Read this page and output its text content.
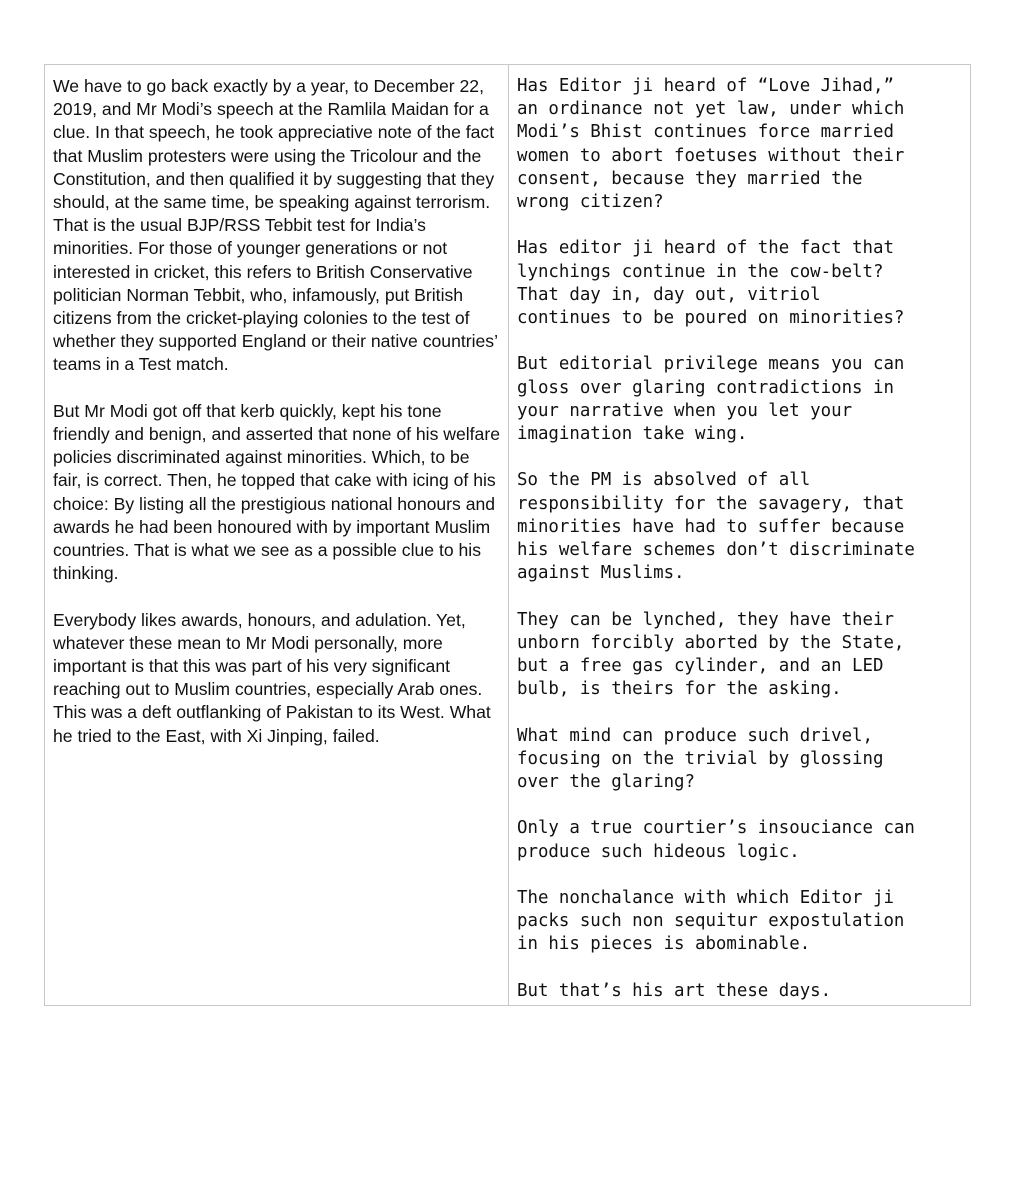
We have to go back exactly by a year, to December 22, 2019, and Mr Modi’s speech at the Ramlila Maidan for a clue. In that speech, he took appreciative note of the fact that Muslim protesters were using the Tricolour and the Constitution, and then qualified it by suggesting that they should, at the same time, be speaking against terrorism. That is the usual BJP/RSS Tebbit test for India’s minorities. For those of younger generations or not interested in cricket, this refers to British Conservative politician Norman Tebbit, who, infamously, put British citizens from the cricket-playing colonies to the test of whether they supported England or their native countries’ teams in a Test match.

But Mr Modi got off that kerb quickly, kept his tone friendly and benign, and asserted that none of his welfare policies discriminated against minorities. Which, to be fair, is correct. Then, he topped that cake with icing of his choice: By listing all the prestigious national honours and awards he had been honoured with by important Muslim countries. That is what we see as a possible clue to his thinking.

Everybody likes awards, honours, and adulation. Yet, whatever these mean to Mr Modi personally, more important is that this was part of his very significant reaching out to Muslim countries, especially Arab ones. This was a deft outflanking of Pakistan to its West. What he tried to the East, with Xi Jinping, failed.

Has Editor ji heard of “Love Jihad,”
an ordinance not yet law, under which
Modi’s Bhist continues force married
women to abort foetuses without their
consent, because they married the
wrong citizen?

Has editor ji heard of the fact that
lynchings continue in the cow-belt?
That day in, day out, vitriol
continues to be poured on minorities?

But editorial privilege means you can
gloss over glaring contradictions in
your narrative when you let your
imagination take wing.

So the PM is absolved of all
responsibility for the savagery, that
minorities have had to suffer because
his welfare schemes don’t discriminate
against Muslims.

They can be lynched, they have their
unborn forcibly aborted by the State,
but a free gas cylinder, and an LED
bulb, is theirs for the asking.

What mind can produce such drivel,
focusing on the trivial by glossing
over the glaring?

Only a true courtier’s insouciance can
produce such hideous logic.

The nonchalance with which Editor ji
packs such non sequitur expostulation
in his pieces is abominable.

But that’s his art these days.
